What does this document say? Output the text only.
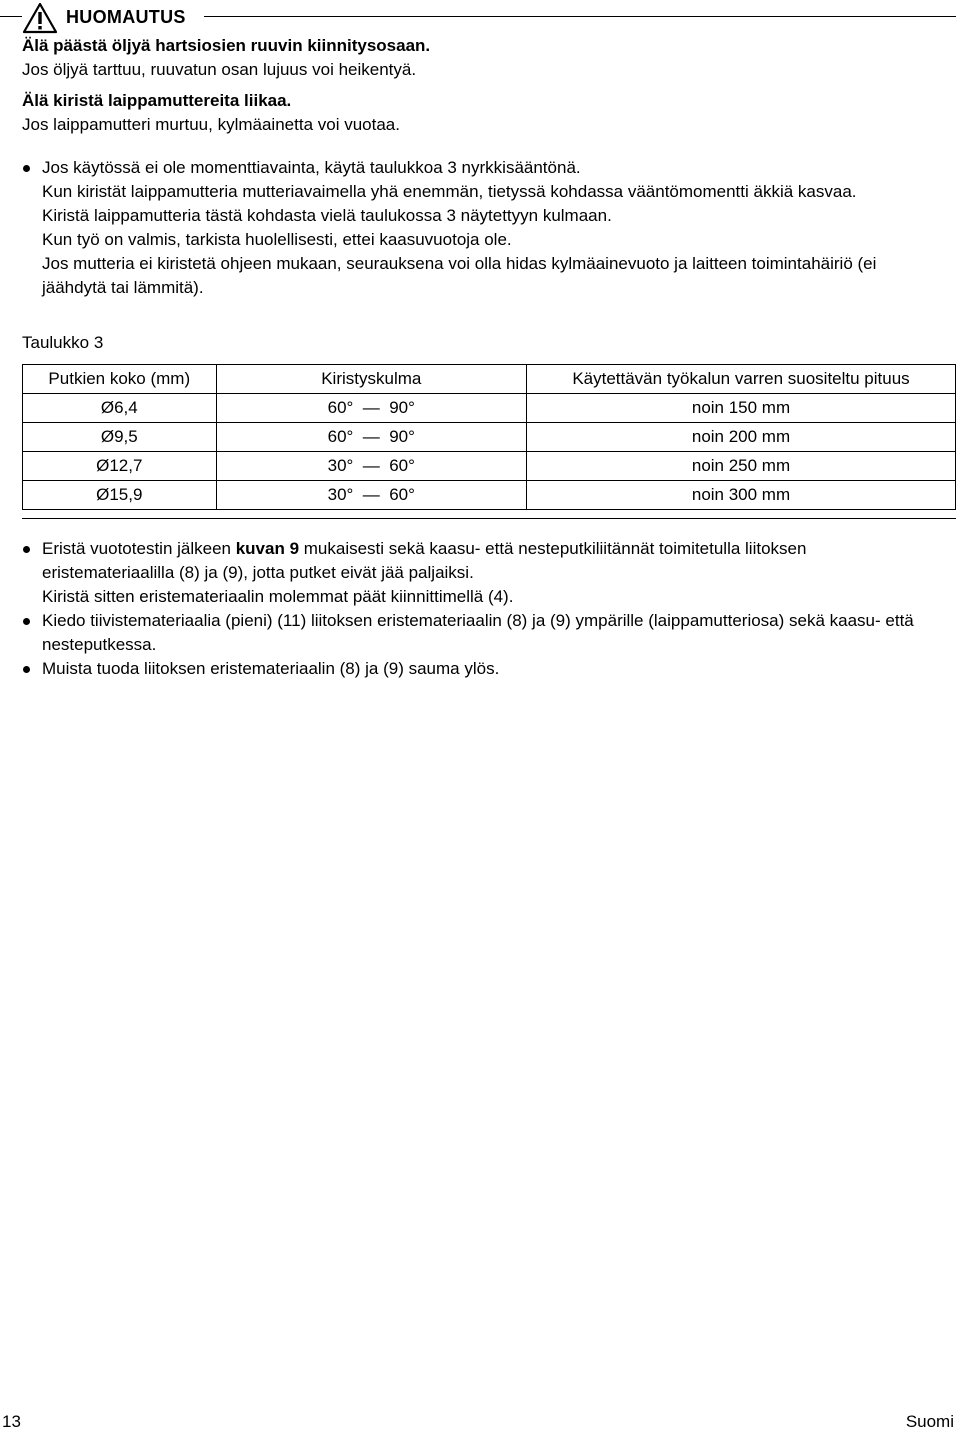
HUOMAUTUS
Älä päästä öljyä hartsiosien ruuvin kiinnitysosaan.
Jos öljyä tarttuu, ruuvatun osan lujuus voi heikentyä.
Älä kiristä laippamuttereita liikaa.
Jos laippamutteri murtuu, kylmäainetta voi vuotaa.
Jos käytössä ei ole momenttiavainta, käytä taulukkoa 3 nyrkkisääntönä.
Kun kiristät laippamutteria mutteriavaimella yhä enemmän, tietyssä kohdassa vääntömomentti äkkiä kasvaa.
Kiristä laippamutteria tästä kohdasta vielä taulukossa 3 näytettyyn kulmaan.
Kun työ on valmis, tarkista huolellisesti, ettei kaasuvuotoja ole.
Jos mutteria ei kiristetä ohjeen mukaan, seurauksena voi olla hidas kylmäainevuoto ja laitteen toimintahäiriö (ei jäähdytä tai lämmitä).
Taulukko 3
Putkien koko (mm)	Kiristyskulma	Käytettävän työkalun varren suositeltu pituus
Ø6,4	60°  —  90°	noin 150 mm
Ø9,5	60°  —  90°	noin 200 mm
Ø12,7	30°  —  60°	noin 250 mm
Ø15,9	30°  —  60°	noin 300 mm
Eristä vuototestin jälkeen kuvan 9 mukaisesti sekä kaasu- että nesteputkiliitännät toimitetulla liitoksen eristemateriaalilla (8) ja (9), jotta putket eivät jää paljaiksi.
Kiristä sitten eristemateriaalin molemmat päät kiinnittimellä (4).
Kiedo tiivistemateriaalia (pieni) (11) liitoksen eristemateriaalin (8) ja (9) ympärille (laippamutteriosa) sekä kaasu- että nesteputkessa.
Muista tuoda liitoksen eristemateriaalin (8) ja (9) sauma ylös.
13	Suomi
